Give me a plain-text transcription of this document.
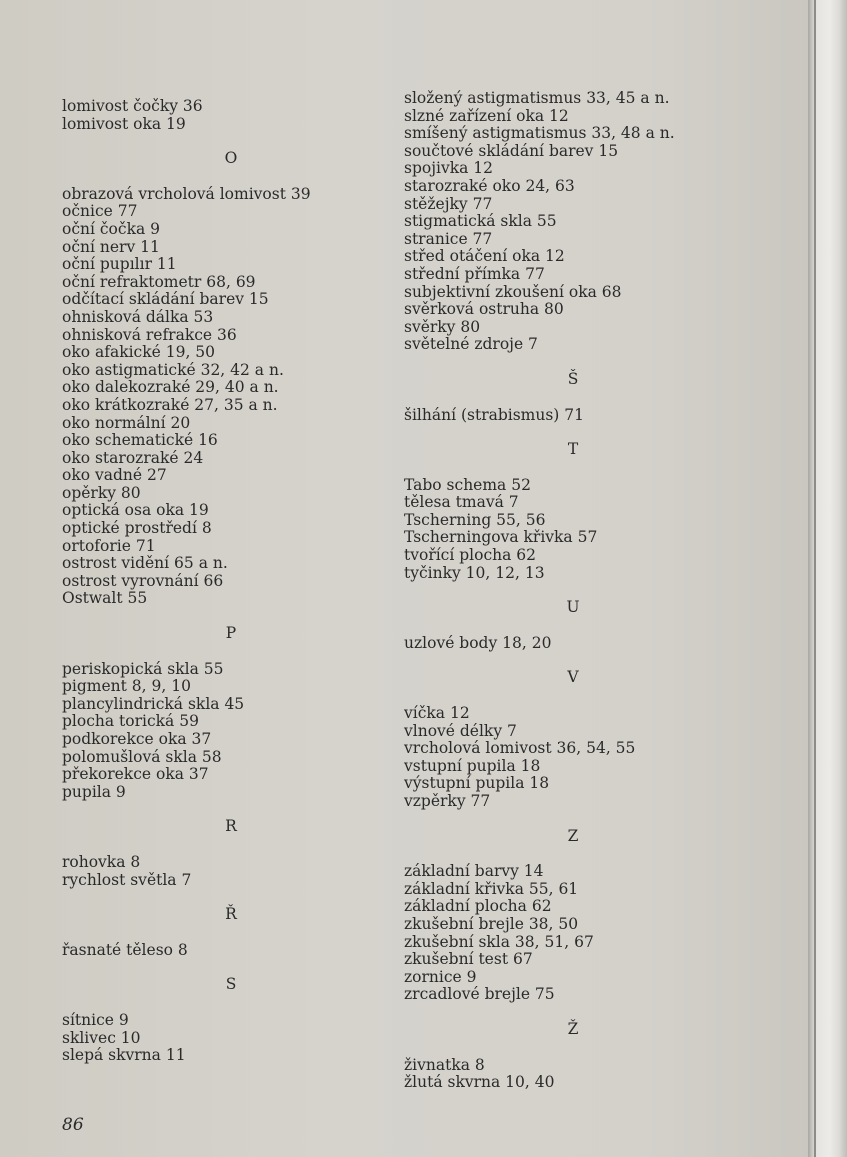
lomivost čočky 36
lomivost oka 19
O
obrazová vrcholová lomivost 39
očnice 77
oční čočka 9
oční nerv 11
oční pupılır 11
oční refraktometr 68, 69
odčítací skládání barev 15
ohnisková dálka 53
ohnisková refrakce 36
oko afakické 19, 50
oko astigmatické 32, 42 a n.
oko dalekozraké 29, 40 a n.
oko krátkozraké 27, 35 a n.
oko normální 20
oko schematické 16
oko starozraké 24
oko vadné 27
opěrky 80
optická osa oka 19
optické prostředí 8
ortoforie 71
ostrost vidění 65 a n.
ostrost vyrovnání 66
Ostwalt 55
P
periskopická skla 55
pigment 8, 9, 10
plancylindrická skla 45
plocha torická 59
podkorekce oka 37
polomušlová skla 58
překorekce oka 37
pupila 9
R
rohovka 8
rychlost světla 7
Ř
řasnaté těleso 8
S
sítnice 9
sklivec 10
slepá skvrna 11
složený astigmatismus 33, 45 a n.
slzné zařízení oka 12
smíšený astigmatismus 33, 48 a n.
součtové skládání barev 15
spojivka 12
starozraké oko 24, 63
stěžejky 77
stigmatická skla 55
stranice 77
střed otáčení oka 12
střední přímka 77
subjektivní zkoušení oka 68
svěrková ostruha 80
svěrky 80
světelné zdroje 7
Š
šilhání (strabismus) 71
T
Tabo schema 52
tělesa tmavá 7
Tscherning 55, 56
Tscherningova křivka 57
tvořící plocha 62
tyčinky 10, 12, 13
U
uzlové body 18, 20
V
víčka 12
vlnové délky 7
vrcholová lomivost 36, 54, 55
vstupní pupila 18
výstupní pupila 18
vzpěrky 77
Z
základní barvy 14
základní křivka 55, 61
základní plocha 62
zkušební brejle 38, 50
zkušební skla 38, 51, 67
zkušební test 67
zornice 9
zrcadlové brejle 75
Ž
živnatka 8
žlutá skvrna 10, 40
86
